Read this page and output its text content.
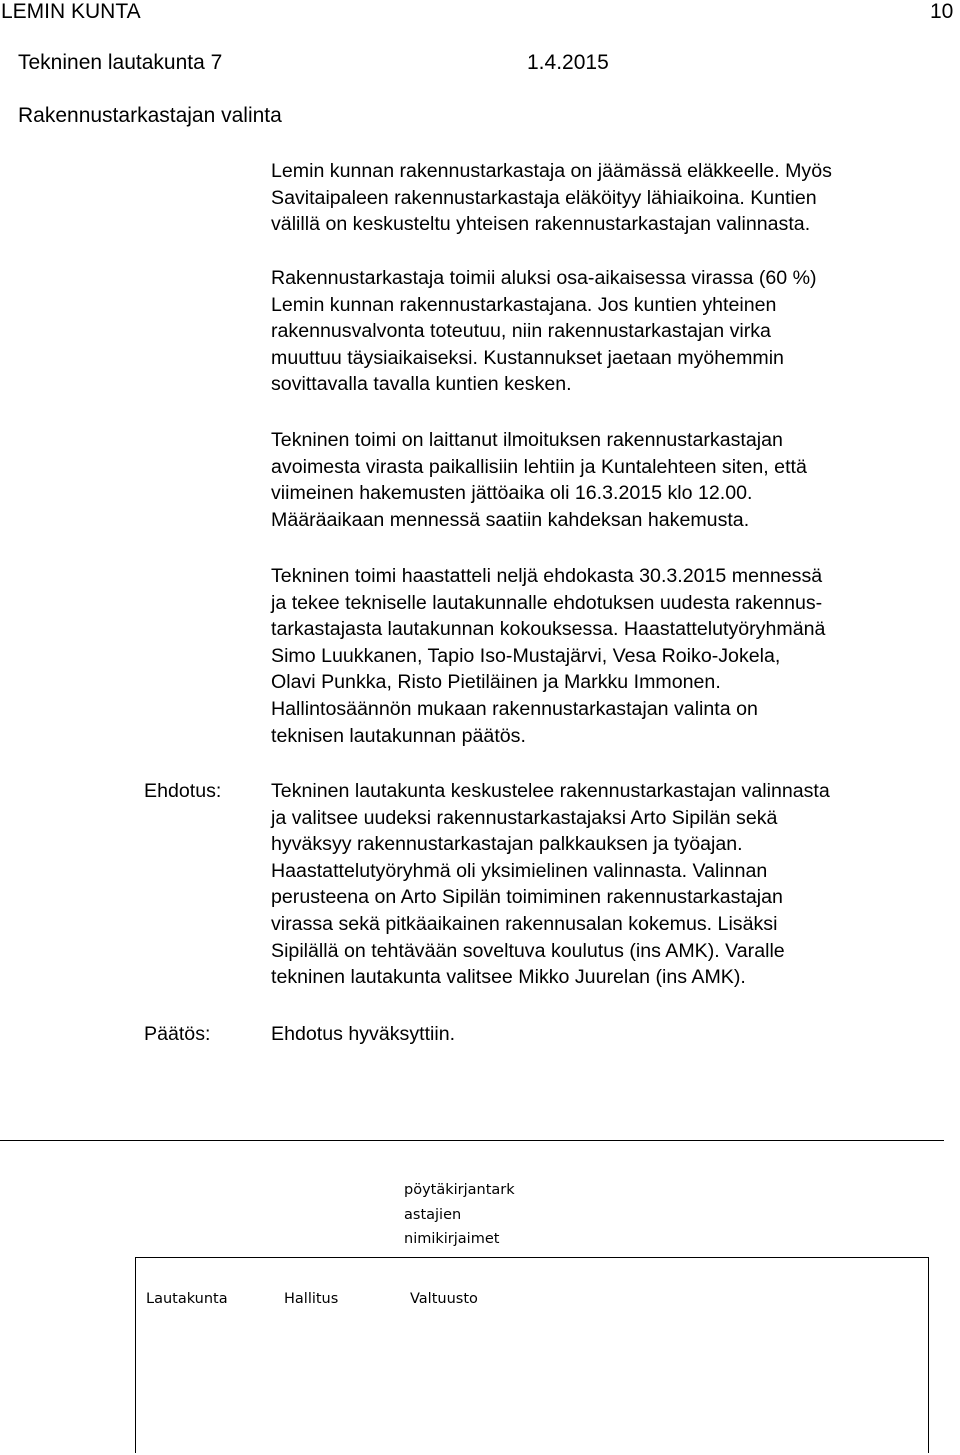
LEMIN KUNTA	10
Tekninen lautakunta 7	1.4.2015
Rakennustarkastajan valinta
Lemin kunnan rakennustarkastaja on jäämässä eläkkeelle. Myös
Savitaipaleen rakennustarkastaja eläköityy lähiaikoina. Kuntien
välillä on keskusteltu yhteisen rakennustarkastajan valinnasta.
Rakennustarkastaja toimii aluksi osa-aikaisessa virassa (60 %)
Lemin kunnan rakennustarkastajana. Jos kuntien yhteinen
rakennusvalvonta toteutuu, niin rakennustarkastajan virka
muuttuu täysiaikaiseksi. Kustannukset jaetaan myöhemmin
sovittavalla tavalla kuntien kesken.
Tekninen toimi on laittanut ilmoituksen rakennustarkastajan
avoimesta virasta paikallisiin lehtiin ja Kuntalehteen siten, että
viimeinen hakemusten jättöaika oli 16.3.2015 klo 12.00.
Määräaikaan mennessä saatiin kahdeksan hakemusta.
Tekninen toimi haastatteli neljä ehdokasta 30.3.2015 mennessä
ja tekee tekniselle lautakunnalle ehdotuksen uudesta rakennus-
tarkastajasta lautakunnan kokouksessa. Haastattelutyöryhmänä
Simo Luukkanen, Tapio Iso-Mustajärvi, Vesa Roiko-Jokela,
Olavi Punkka, Risto Pietiläinen ja Markku Immonen.
Hallintosäännön mukaan rakennustarkastajan valinta on
teknisen lautakunnan päätös.
Ehdotus:	Tekninen lautakunta keskustelee rakennustarkastajan valinnasta
ja valitsee uudeksi rakennustarkastajaksi Arto Sipilän sekä
hyväksyy rakennustarkastajan palkkauksen ja työajan.
Haastattelutyöryhmä oli yksimielinen valinnasta. Valinnan
perusteena on Arto Sipilän toimiminen rakennustarkastajan
virassa sekä pitkäaikainen rakennusalan kokemus. Lisäksi
Sipilällä on tehtävään soveltuva koulutus (ins AMK). Varalle
tekninen lautakunta valitsee Mikko Juurelan (ins AMK).
Päätös:	Ehdotus hyväksyttiin.
pöytäkirjantark
astajien
nimikirjaimet
Lautakunta	Hallitus	Valtuusto
